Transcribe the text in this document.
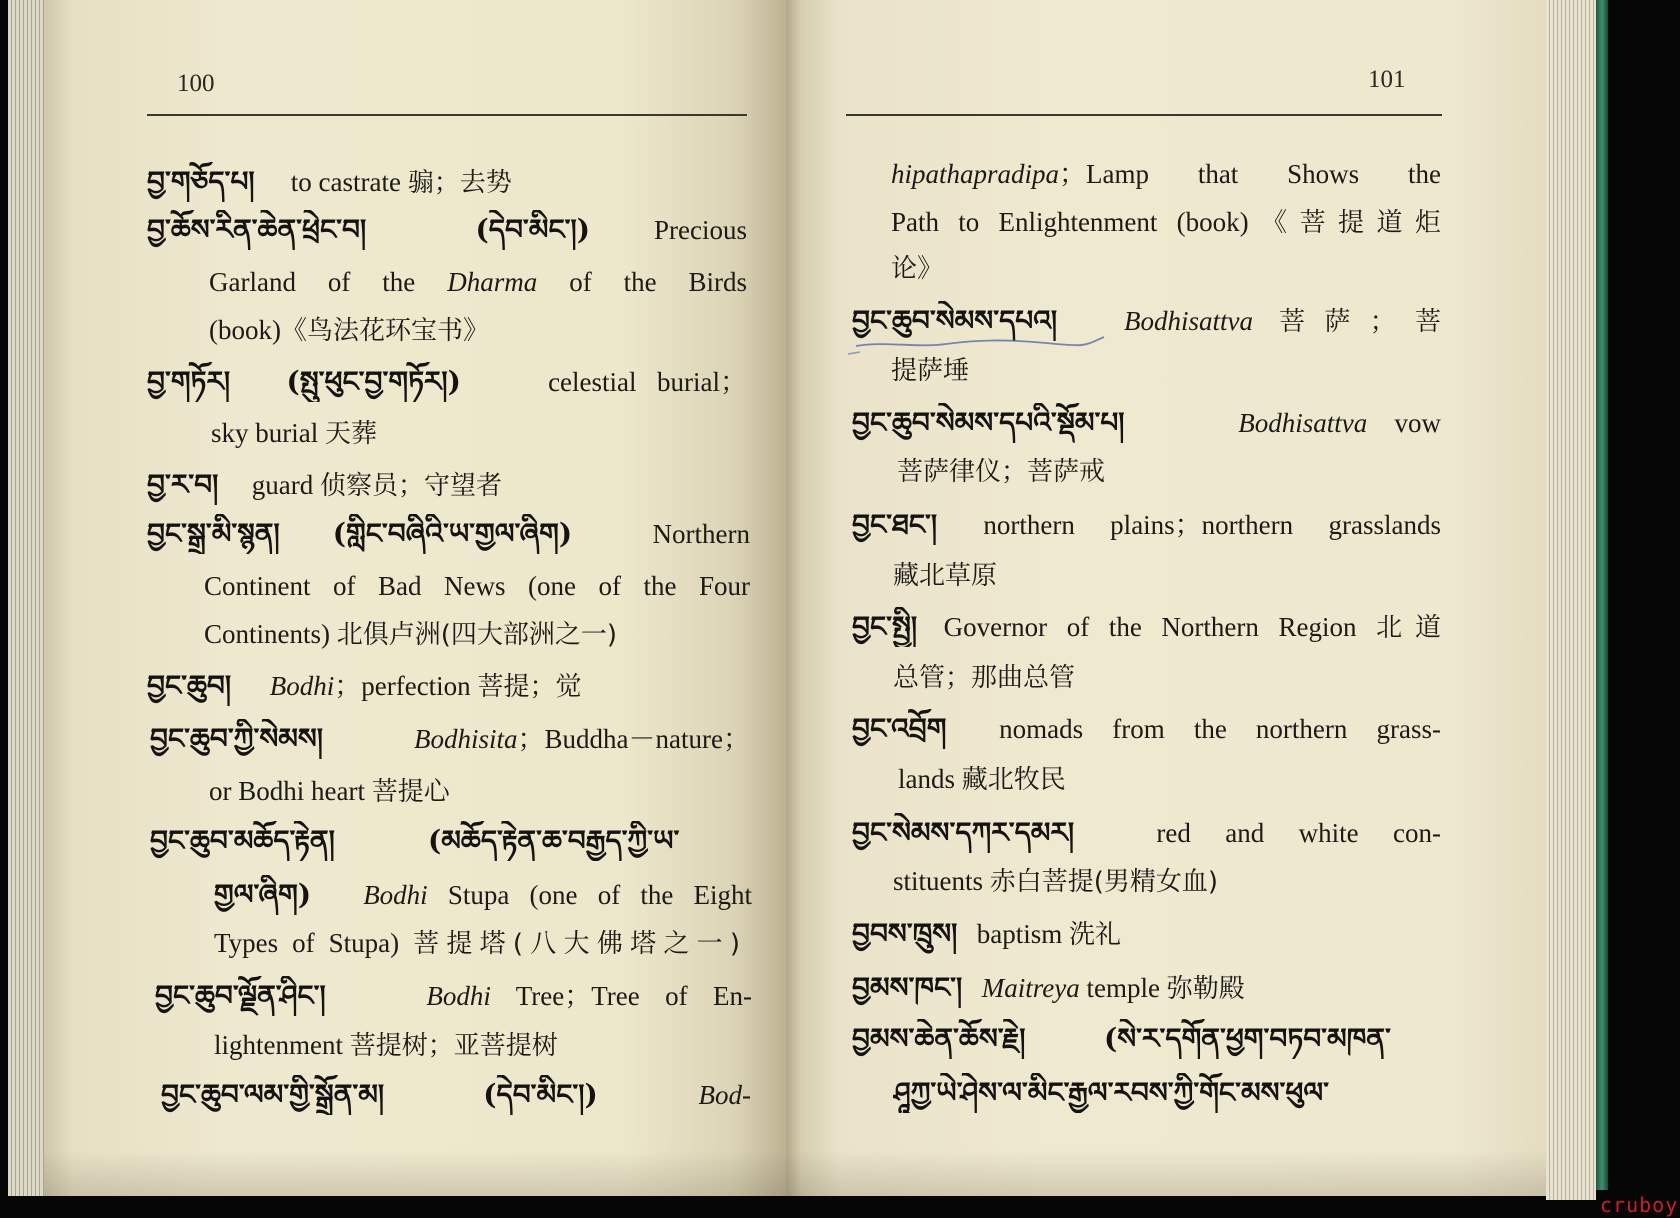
100	101
བྱ་གཅོད་པ། to castrate 骟；去势
བྱ་ཆོས་རིན་ཆེན་ཕྲེང་བ།	(དེབ་མིང་།) Precious
Garland of the Dharma of the Birds
(book)《鸟法花环宝书》
བྱ་གཏོར། (སྤུ་ཕུང་བྱ་གཏོར།)	celestial burial；
sky burial 天葬
བྱ་ར་བ། guard 侦察员；守望者
བྱང་སྒྲ་མི་སྙན། (གླིང་བཞིའི་ཡ་གྱལ་ཞིག)	Northern
Continent of Bad News (one of the Four
Continents) 北俱卢洲(四大部洲之一)
བྱང་ཆུབ། Bodhi；perfection 菩提；觉
བྱང་ཆུབ་ཀྱི་སེམས།	Bodhisita；Buddha－nature；
or Bodhi heart 菩提心
བྱང་ཆུབ་མཆོད་རྟེན།	(མཆོད་རྟེན་ཆ་བརྒྱད་ཀྱི་ཡ་
གྱལ་ཞིག) Bodhi Stupa (one of the Eight
Types of Stupa) 菩提塔(八大佛塔之一)
བྱང་ཆུབ་ལྗོན་ཤིང་།	Bodhi Tree；Tree of En-
lightenment 菩提树；亚菩提树
བྱང་ཆུབ་ལམ་གྱི་སྒྲོན་མ།	(དེབ་མིང་།)	Bod-
hipathapradipa；Lamp that Shows the
Path to Enlightenment (book)《菩提道炬
论》
བྱང་ཆུབ་སེམས་དཔའ། Bodhisattva 菩萨；菩
提萨埵
བྱང་ཆུབ་སེམས་དཔའི་སྡོམ་པ།	Bodhisattva vow
菩萨律仪；菩萨戒
བྱང་ཐང་། northern plains；northern grasslands
藏北草原
བྱང་སྤྱི། Governor of the Northern Region 北道
总管；那曲总管
བྱང་འབྲོག nomads from the northern grass-
lands 藏北牧民
བྱང་སེམས་དཀར་དམར།	red and white con-
stituents 赤白菩提(男精女血)
བྱབས་ཁྲུས། baptism 洗礼
བྱམས་ཁང་། Maitreya temple 弥勒殿
བྱམས་ཆེན་ཆོས་རྗེ།	(སེ་ར་དགོན་ཕྱག་བཏབ་མཁན་
ཤཱཀྱ་ཡེ་ཤེས་ལ་མིང་རྒྱལ་རབས་ཀྱི་གོང་མས་ཕུལ་
cruboy
